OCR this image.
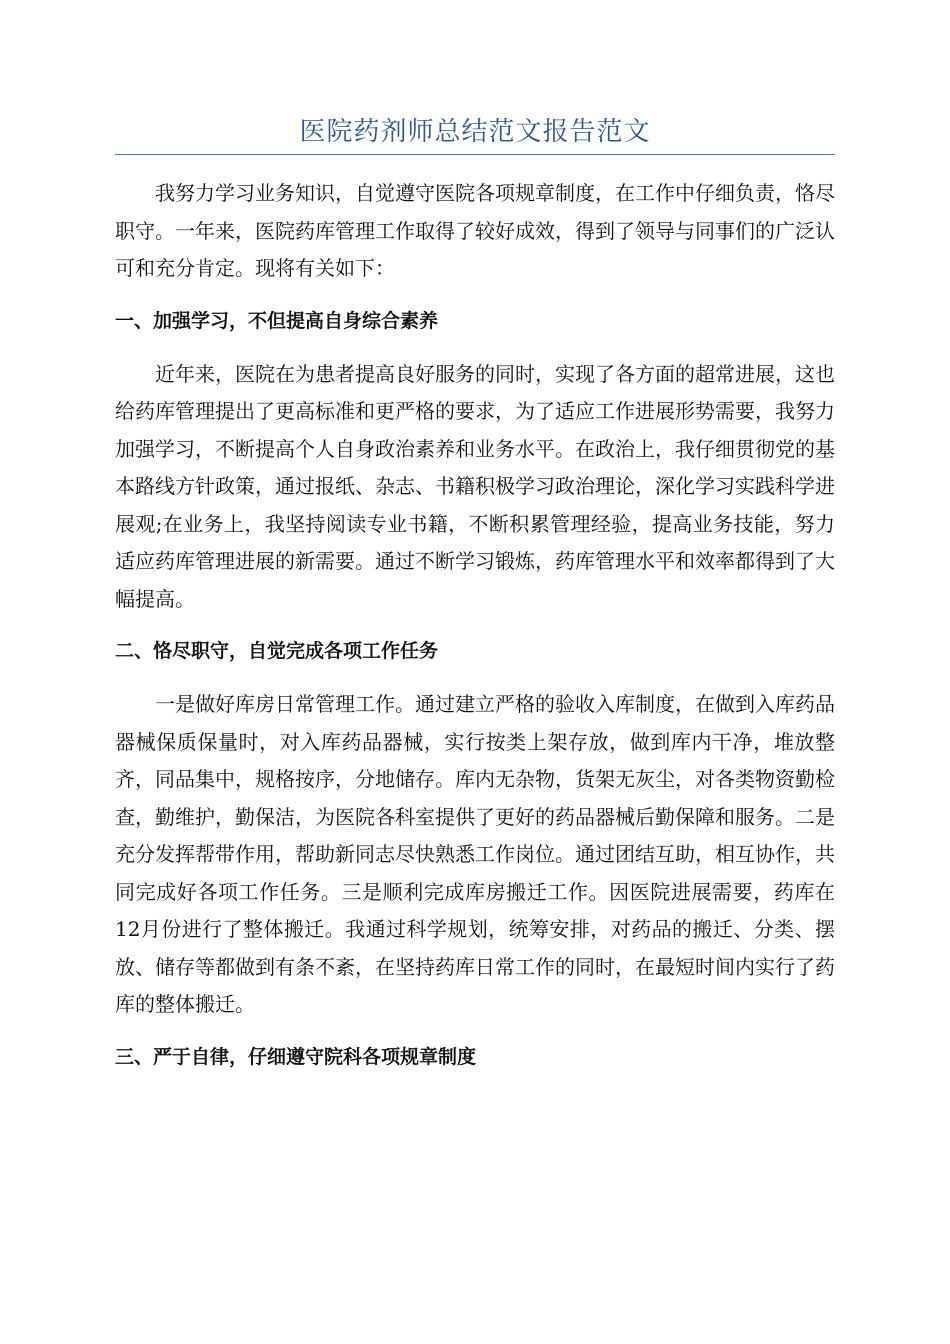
医院药剂师总结范文报告范文

我努力学习业务知识，自觉遵守医院各项规章制度，在工作中仔细负责，恪尽职守。一年来，医院药库管理工作取得了较好成效，得到了领导与同事们的广泛认可和充分肯定。现将有关如下：

一、加强学习，不但提高自身综合素养

近年来，医院在为患者提高良好服务的同时，实现了各方面的超常进展，这也给药库管理提出了更高标准和更严格的要求，为了适应工作进展形势需要，我努力加强学习，不断提高个人自身政治素养和业务水平。在政治上，我仔细贯彻党的基本路线方针政策，通过报纸、杂志、书籍积极学习政治理论，深化学习实践科学进展观;在业务上，我坚持阅读专业书籍，不断积累管理经验，提高业务技能，努力适应药库管理进展的新需要。通过不断学习锻炼，药库管理水平和效率都得到了大幅提高。

二、恪尽职守，自觉完成各项工作任务

一是做好库房日常管理工作。通过建立严格的验收入库制度，在做到入库药品器械保质保量时，对入库药品器械，实行按类上架存放，做到库内干净，堆放整齐，同品集中，规格按序，分地储存。库内无杂物，货架无灰尘，对各类物资勤检查，勤维护，勤保洁，为医院各科室提供了更好的药品器械后勤保障和服务。二是充分发挥帮带作用，帮助新同志尽快熟悉工作岗位。通过团结互助，相互协作，共同完成好各项工作任务。三是顺利完成库房搬迁工作。因医院进展需要，药库在12月份进行了整体搬迁。我通过科学规划，统筹安排，对药品的搬迁、分类、摆放、储存等都做到有条不紊，在坚持药库日常工作的同时，在最短时间内实行了药库的整体搬迁。

三、严于自律，仔细遵守院科各项规章制度
